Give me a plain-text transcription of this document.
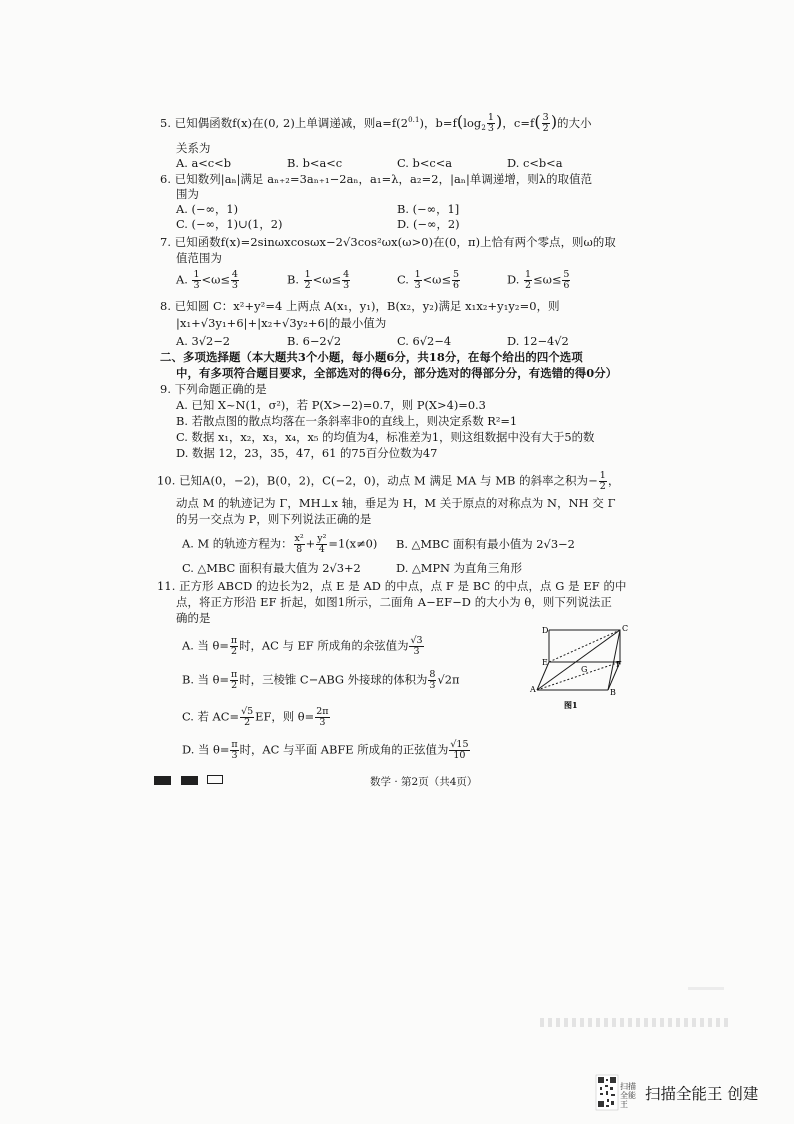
5. 已知偶函数f(x)在(0, 2)上单调递减，则$a=f(2^{0.1})$，$b=f(\log_2 \frac{1}{3}$ )，$c=f( \frac{3}{2}$ )的大小
关系为
A. a<c<b	B. b<a<c	C. b<c<a	D. c<b<a
6. 已知数列|aₙ|满足 aₙ₊₂=3aₙ₊₁−2aₙ，a₁=λ，a₂=2，|aₙ|单调递增，则λ的取值范
围为
A. (−∞，1)	B. (−∞，1]
C. (−∞，1)∪(1，2)	D. (−∞，2)
7. 已知函数f(x)=2sinωxcosωx−2√3cos²ωx(ω>0)在(0，π)上恰有两个零点，则ω的取
值范围为
A. $\frac{1}{3} <\omega\le \frac{4}{3}$	B. $\frac{1}{2} <\omega\le \frac{4}{3}$	C. $\frac{1}{3} <\omega\le \frac{5}{6}$	D. $\frac{1}{2} \le\omega\le \frac{5}{6}$
8. 已知圆 C：x²+y²=4 上两点 A(x₁，y₁)，B(x₂，y₂)满足 x₁x₂+y₁y₂=0，则
|x₁+√3y₁+6|+|x₂+√3y₂+6|的最小值为
A. 3√2−2	B. 6−2√2	C. 6√2−4	D. 12−4√2
二、多项选择题（本大题共3个小题，每小题6分，共18分，在每个给出的四个选项
中，有多项符合题目要求，全部选对的得6分，部分选对的得部分分，有选错的得0分）
9. 下列命题正确的是
A. 已知 X~N(1，σ²)，若 P(X>−2)=0.7，则 P(X>4)=0.3
B. 若散点图的散点均落在一条斜率非0的直线上，则决定系数 R²=1
C. 数据 x₁，x₂，x₃，x₄，x₅ 的均值为4，标准差为1，则这组数据中没有大于5的数
D. 数据 12，23，35，47，61 的75百分位数为47
10. 已知A(0，−2)，B(0，2)，C(−2，0)，动点 M 满足 MA 与 MB 的斜率之积为− $\frac{1}{2}$ ，
动点 M 的轨迹记为 Γ，MH⊥x 轴，垂足为 H，M 关于原点的对称点为 N，NH 交 Γ
的另一交点为 P，则下列说法正确的是
A. M 的轨迹方程为： $\frac{\text{x²}}{8} + \frac{\text{y²}}{4} =1(x\ne 0)$ B. △MBC 面积有最小值为 2√3−2
C. △MBC 面积有最大值为 2√3+2	D. △MPN 为直角三角形
11. 正方形 ABCD 的边长为2，点 E 是 AD 的中点，点 F 是 BC 的中点，点 G 是 EF 的中
点，将正方形沿 EF 折起，如图1所示，二面角 A−EF−D 的大小为 θ，则下列说法正
确的是
A. 当 $\theta= \frac{\pi}{2}$ 时，AC 与 EF 所成角的余弦值为 $\frac{√3}{3}$
B. 当 $\theta= \frac{\pi}{2}$ 时，三棱锥 C−ABG 外接球的体积为 $\frac{8}{3} √2\pi$
C. 若 $AC= \frac{√5}{2}$ EF，则 $\theta= \frac{2\pi}{3}$
D. 当 $\theta= \frac{\pi}{3}$ 时，AC 与平面 ABFE 所成角的正弦值为 $\frac{√15}{10}$
D	C
E	F
G
A	B
图1
数学 · 第2页（共4页）
扫描全能王
扫描全能王 创建
